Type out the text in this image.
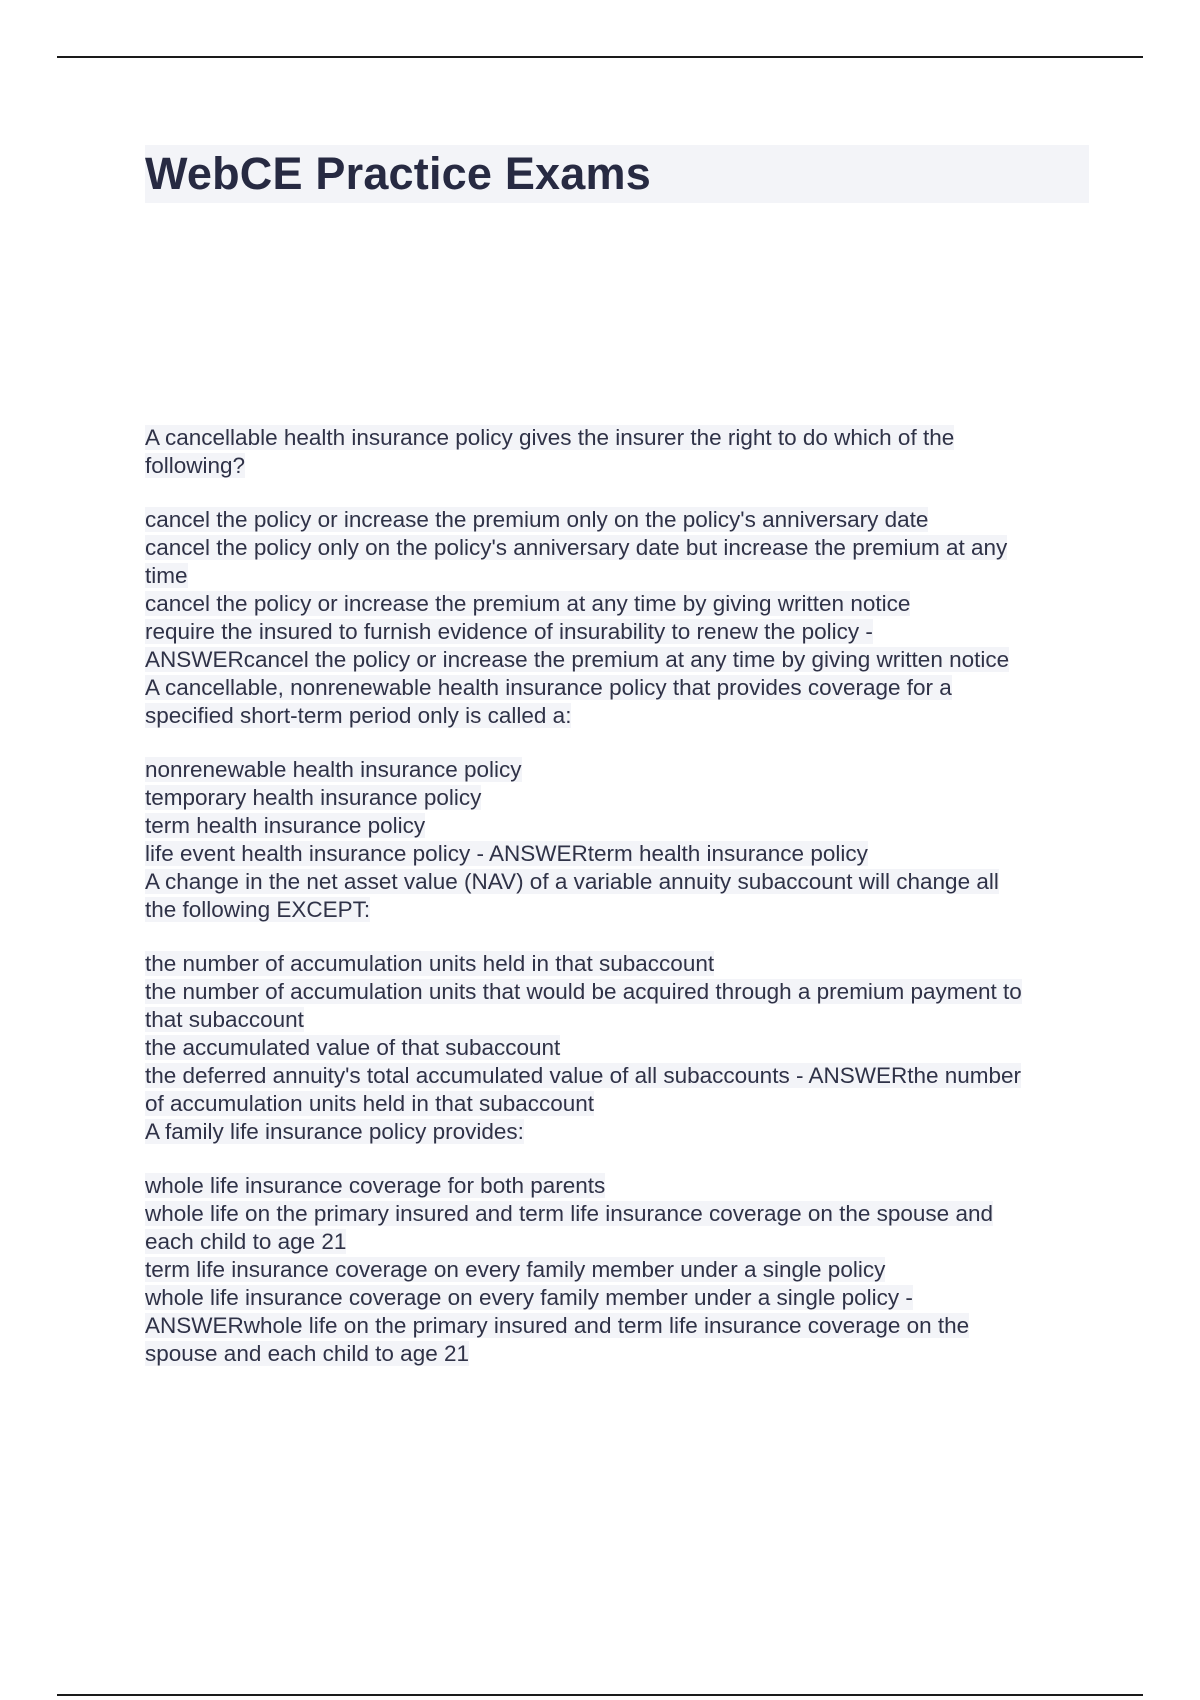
WebCE Practice Exams
A cancellable health insurance policy gives the insurer the right to do which of the
following?
cancel the policy or increase the premium only on the policy's anniversary date
cancel the policy only on the policy's anniversary date but increase the premium at any
time
cancel the policy or increase the premium at any time by giving written notice
require the insured to furnish evidence of insurability to renew the policy -
ANSWERcancel the policy or increase the premium at any time by giving written notice
A cancellable, nonrenewable health insurance policy that provides coverage for a
specified short-term period only is called a:
nonrenewable health insurance policy
temporary health insurance policy
term health insurance policy
life event health insurance policy - ANSWERterm health insurance policy
A change in the net asset value (NAV) of a variable annuity subaccount will change all
the following EXCEPT:
the number of accumulation units held in that subaccount
the number of accumulation units that would be acquired through a premium payment to
that subaccount
the accumulated value of that subaccount
the deferred annuity's total accumulated value of all subaccounts - ANSWERthe number
of accumulation units held in that subaccount
A family life insurance policy provides:
whole life insurance coverage for both parents
whole life on the primary insured and term life insurance coverage on the spouse and
each child to age 21
term life insurance coverage on every family member under a single policy
whole life insurance coverage on every family member under a single policy -
ANSWERwhole life on the primary insured and term life insurance coverage on the
spouse and each child to age 21
